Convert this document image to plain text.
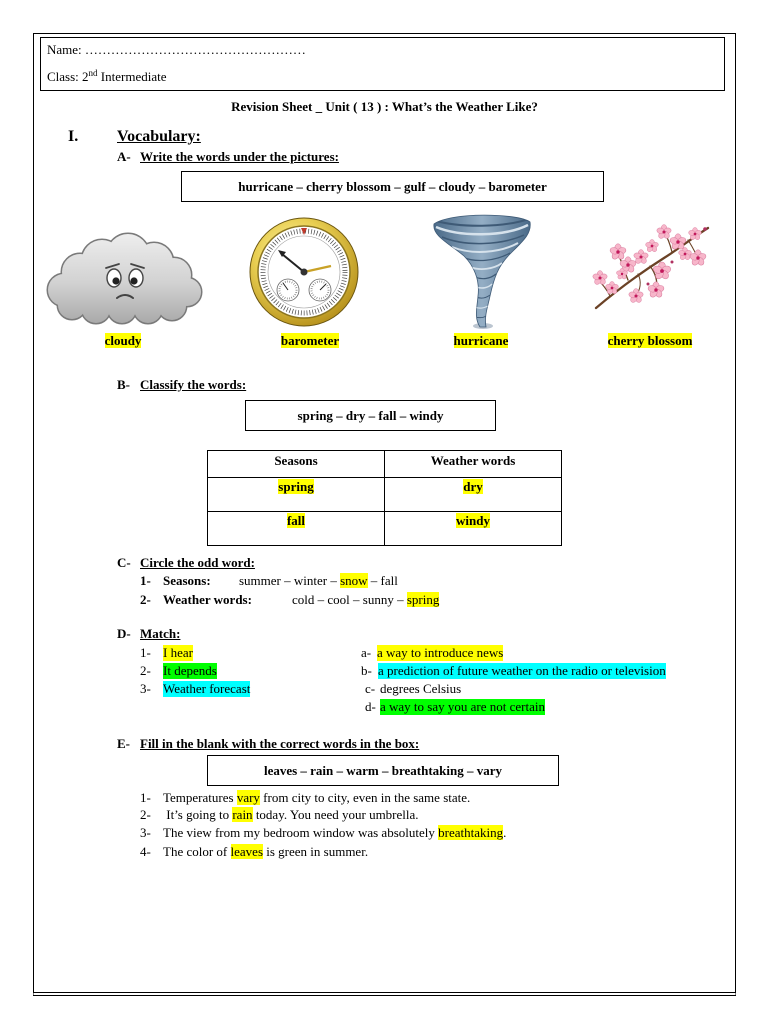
Name: ……………………………………………
Class: 2nd Intermediate
Revision Sheet _ Unit ( 13 ) : What’s the Weather Like?
I. Vocabulary:
A- Write the words under the pictures:
hurricane – cherry blossom – gulf – cloudy – barometer
cloudy	barometer	hurricane	cherry blossom
B- Classify the words:
spring – dry – fall – windy
Seasons	Weather words
spring	dry
fall	windy
C- Circle the odd word:
1- Seasons: summer – winter – snow – fall
2- Weather words:	cold – cool – sunny – spring
D- Match:
1- I hear
2- It depends
3- Weather forecast
a- a way to introduce news
b- a prediction of future weather on the radio or television
c- degrees Celsius
d- a way to say you are not certain
E- Fill in the blank with the correct words in the box:
leaves – rain – warm – breathtaking – vary
1- Temperatures vary from city to city, even in the same state.
2- It’s going to rain today. You need your umbrella.
3- The view from my bedroom window was absolutely breathtaking.
4- The color of leaves is green in summer.
